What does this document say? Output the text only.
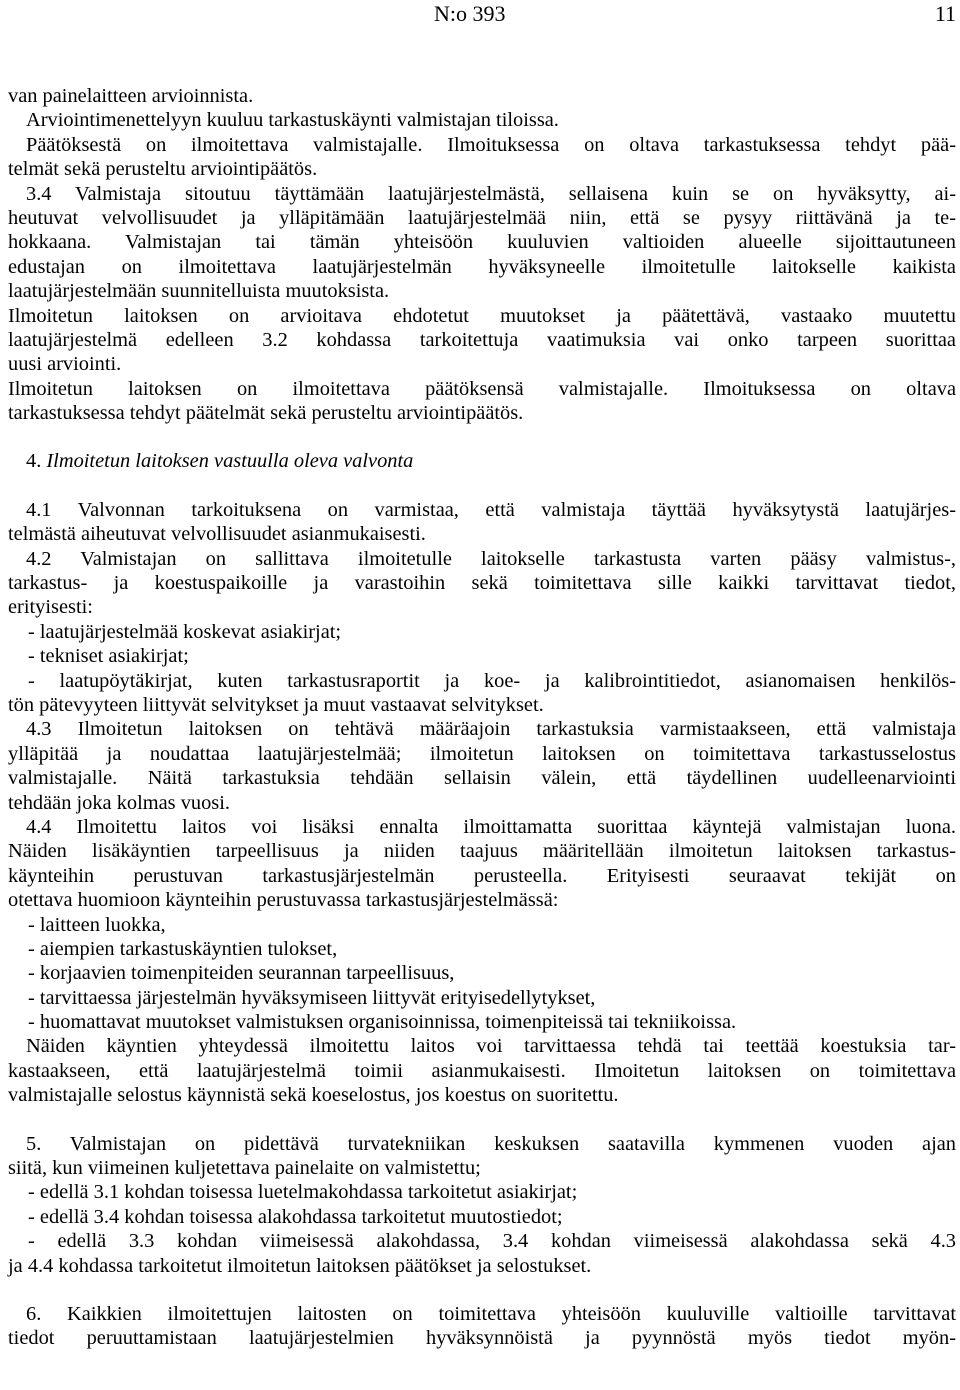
N:o 393	11
van painelaitteen arvioinnista.
Arviointimenettelyyn kuuluu tarkastuskäynti valmistajan tiloissa.
Päätöksestä on ilmoitettava valmistajalle. Ilmoituksessa on oltava tarkastuksessa tehdyt pää-
telmät sekä perusteltu arviointipäätös.
3.4 Valmistaja sitoutuu täyttämään laatujärjestelmästä, sellaisena kuin se on hyväksytty, ai-
heutuvat velvollisuudet ja ylläpitämään laatujärjestelmää niin, että se pysyy riittävänä ja te-
hokkaana. Valmistajan tai tämän yhteisöön kuuluvien valtioiden alueelle sijoittautuneen
edustajan on ilmoitettava laatujärjestelmän hyväksyneelle ilmoitetulle laitokselle kaikista
laatujärjestelmään suunnitelluista muutoksista.
Ilmoitetun laitoksen on arvioitava ehdotetut muutokset ja päätettävä, vastaako muutettu
laatujärjestelmä edelleen 3.2 kohdassa tarkoitettuja vaatimuksia vai onko tarpeen suorittaa
uusi arviointi.
Ilmoitetun laitoksen on ilmoitettava päätöksensä valmistajalle. Ilmoituksessa on oltava
tarkastuksessa tehdyt päätelmät sekä perusteltu arviointipäätös.
4. Ilmoitetun laitoksen vastuulla oleva valvonta
4.1 Valvonnan tarkoituksena on varmistaa, että valmistaja täyttää hyväksytystä laatujärjes-
telmästä aiheutuvat velvollisuudet asianmukaisesti.
4.2 Valmistajan on sallittava ilmoitetulle laitokselle tarkastusta varten pääsy valmistus-,
tarkastus- ja koestuspaikoille ja varastoihin sekä toimitettava sille kaikki tarvittavat tiedot,
erityisesti:
- laatujärjestelmää koskevat asiakirjat;
- tekniset asiakirjat;
- laatupöytäkirjat, kuten tarkastusraportit ja koe- ja kalibrointitiedot, asianomaisen henkilös-
tön pätevyyteen liittyvät selvitykset ja muut vastaavat selvitykset.
4.3 Ilmoitetun laitoksen on tehtävä määräajoin tarkastuksia varmistaakseen, että valmistaja
ylläpitää ja noudattaa laatujärjestelmää; ilmoitetun laitoksen on toimitettava tarkastusselostus
valmistajalle. Näitä tarkastuksia tehdään sellaisin välein, että täydellinen uudelleenarviointi
tehdään joka kolmas vuosi.
4.4 Ilmoitettu laitos voi lisäksi ennalta ilmoittamatta suorittaa käyntejä valmistajan luona.
Näiden lisäkäyntien tarpeellisuus ja niiden taajuus määritellään ilmoitetun laitoksen tarkastus-
käynteihin perustuvan tarkastusjärjestelmän perusteella. Erityisesti seuraavat tekijät on
otettava huomioon käynteihin perustuvassa tarkastusjärjestelmässä:
- laitteen luokka,
- aiempien tarkastuskäyntien tulokset,
- korjaavien toimenpiteiden seurannan tarpeellisuus,
- tarvittaessa järjestelmän hyväksymiseen liittyvät erityisedellytykset,
- huomattavat muutokset valmistuksen organisoinnissa, toimenpiteissä tai tekniikoissa.
Näiden käyntien yhteydessä ilmoitettu laitos voi tarvittaessa tehdä tai teettää koestuksia tar-
kastaakseen, että laatujärjestelmä toimii asianmukaisesti. Ilmoitetun laitoksen on toimitettava
valmistajalle selostus käynnistä sekä koeselostus, jos koestus on suoritettu.
5. Valmistajan on pidettävä turvatekniikan keskuksen saatavilla kymmenen vuoden ajan
siitä, kun viimeinen kuljetettava painelaite on valmistettu;
- edellä 3.1 kohdan toisessa luetelmakohdassa tarkoitetut asiakirjat;
- edellä 3.4 kohdan toisessa alakohdassa tarkoitetut muutostiedot;
- edellä 3.3 kohdan viimeisessä alakohdassa, 3.4 kohdan viimeisessä alakohdassa sekä 4.3
ja 4.4 kohdassa tarkoitetut ilmoitetun laitoksen päätökset ja selostukset.
6. Kaikkien ilmoitettujen laitosten on toimitettava yhteisöön kuuluville valtioille tarvittavat
tiedot peruuttamistaan laatujärjestelmien hyväksynnöistä ja pyynnöstä myös tiedot myön-
